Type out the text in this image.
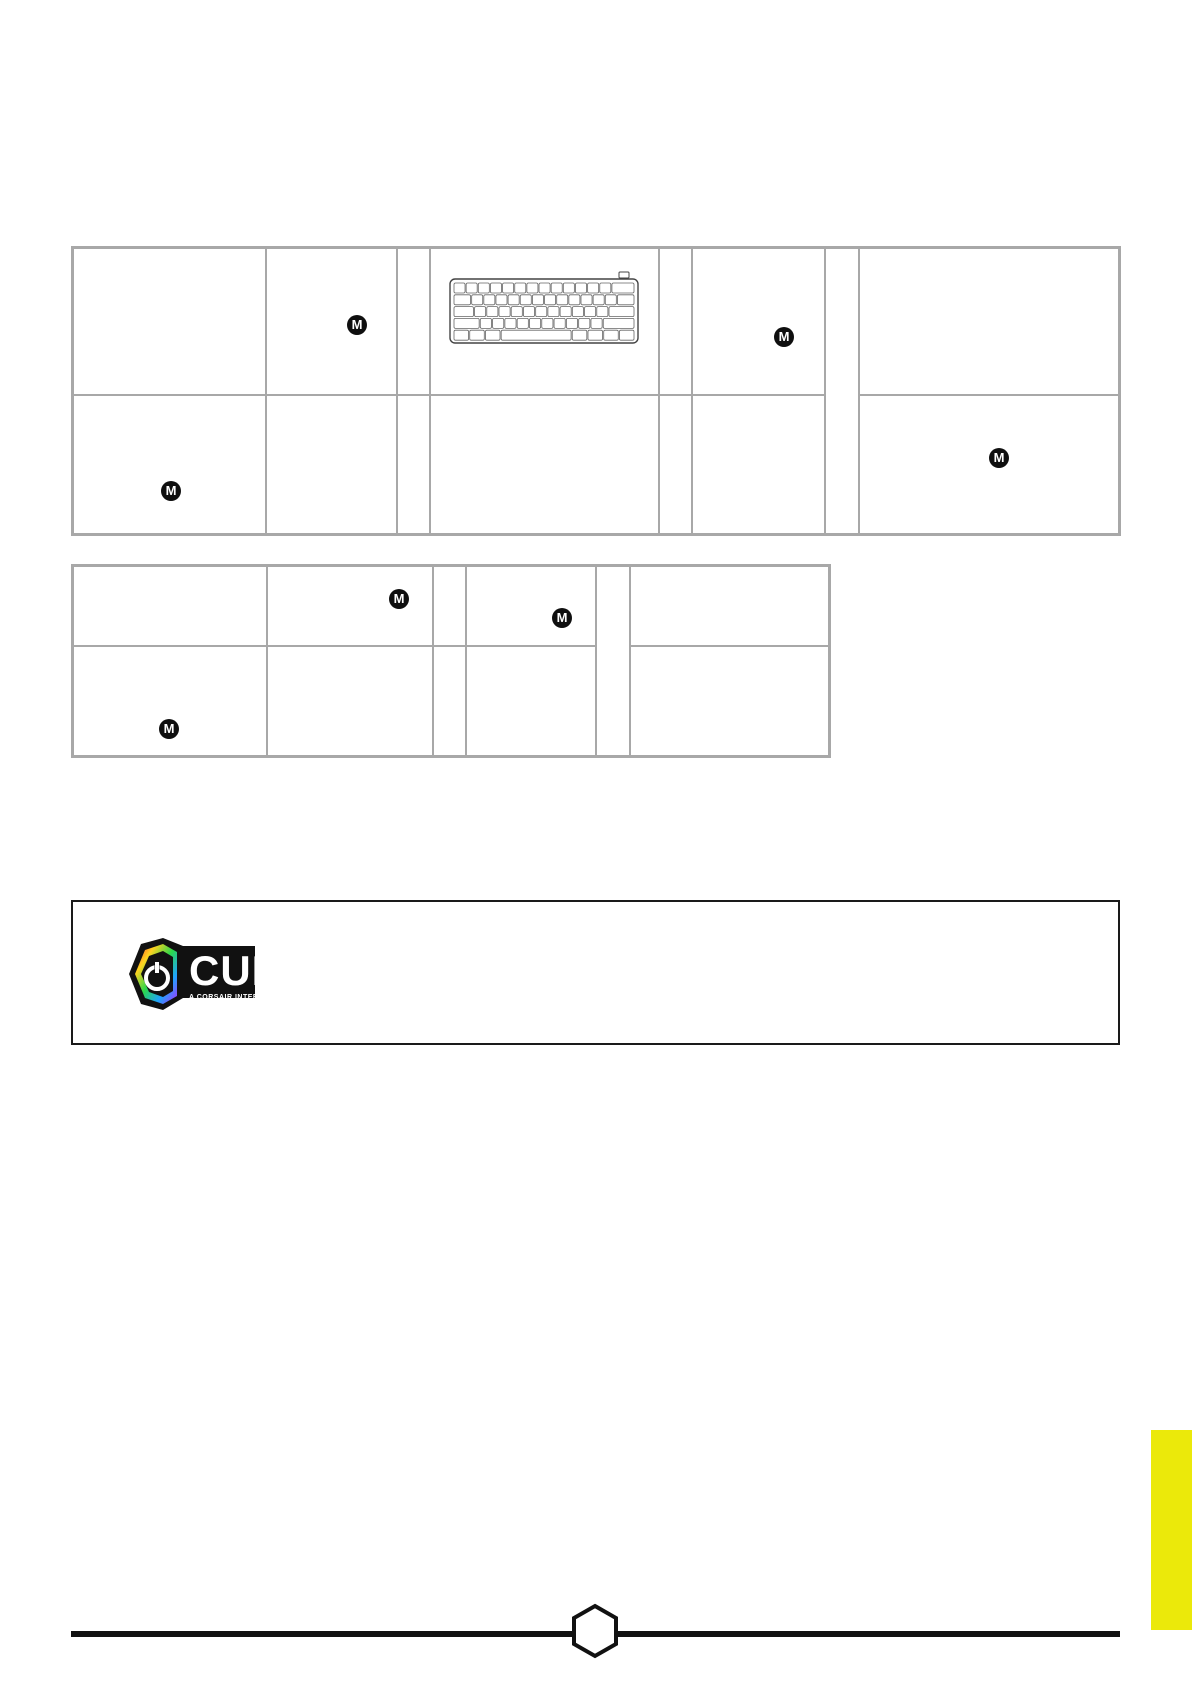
M
M
M
M
M
M
M
CUE
A CORSAIR INTERFACE
